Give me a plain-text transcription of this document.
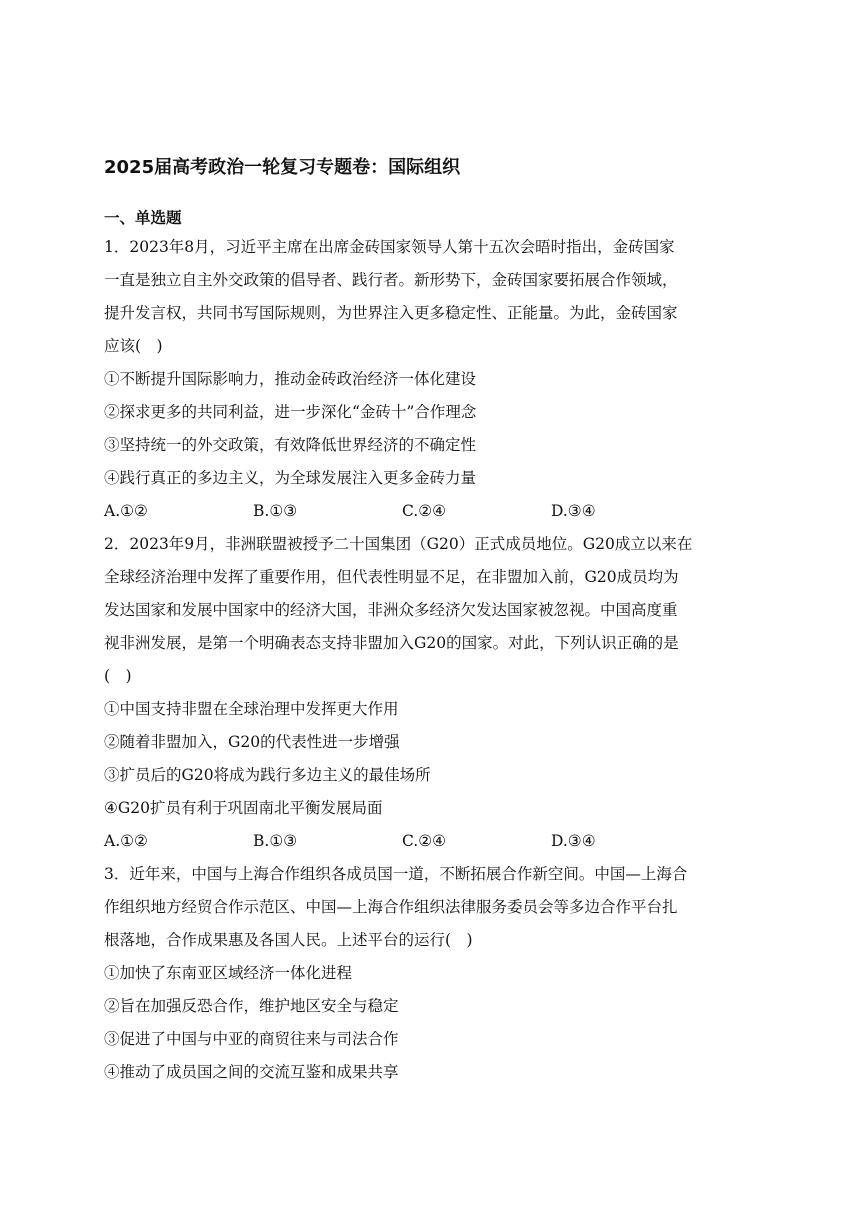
2025届高考政治一轮复习专题卷：国际组织
一、单选题
1．2023年8月，习近平主席在出席金砖国家领导人第十五次会晤时指出，金砖国家
一直是独立自主外交政策的倡导者、践行者。新形势下，金砖国家要拓展合作领域，
提升发言权，共同书写国际规则，为世界注入更多稳定性、正能量。为此，金砖国家
应该(　)
①不断提升国际影响力，推动金砖政治经济一体化建设
②探求更多的共同利益，进一步深化“金砖十”合作理念
③坚持统一的外交政策，有效降低世界经济的不确定性
④践行真正的多边主义，为全球发展注入更多金砖力量
A.①②	B.①③	C.②④	D.③④
2．2023年9月，非洲联盟被授予二十国集团（G20）正式成员地位。G20成立以来在
全球经济治理中发挥了重要作用，但代表性明显不足，在非盟加入前，G20成员均为
发达国家和发展中国家中的经济大国，非洲众多经济欠发达国家被忽视。中国高度重
视非洲发展，是第一个明确表态支持非盟加入G20的国家。对此，下列认识正确的是
(　)
①中国支持非盟在全球治理中发挥更大作用
②随着非盟加入，G20的代表性进一步增强
③扩员后的G20将成为践行多边主义的最佳场所
④G20扩员有利于巩固南北平衡发展局面
A.①②	B.①③	C.②④	D.③④
3．近年来，中国与上海合作组织各成员国一道，不断拓展合作新空间。中国—上海合
作组织地方经贸合作示范区、中国—上海合作组织法律服务委员会等多边合作平台扎
根落地，合作成果惠及各国人民。上述平台的运行(　)
①加快了东南亚区域经济一体化进程
②旨在加强反恐合作，维护地区安全与稳定
③促进了中国与中亚的商贸往来与司法合作
④推动了成员国之间的交流互鉴和成果共享
